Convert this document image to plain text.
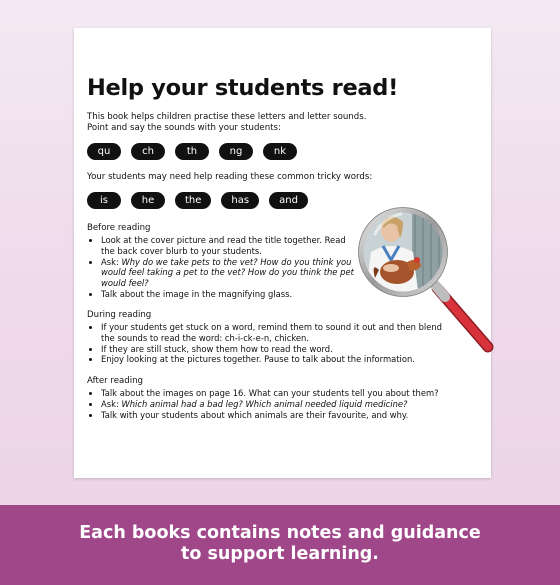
Help your students read!

This book helps children practise these letters and letter sounds.
Point and say the sounds with your students:

qu	ch	th	ng	nk

Your students may need help reading these common tricky words:

is	he	the	has	and
Before reading
• Look at the cover picture and read the title together. Read the back cover blurb to your students.
• Ask: Why do we take pets to the vet? How do you think you would feel taking a pet to the vet? How do you think the pet would feel?
• Talk about the image in the magnifying glass.
During reading
• If your students get stuck on a word, remind them to sound it out and then blend the sounds to read the word: ch-i-ck-e-n, chicken.
• If they are still stuck, show them how to read the word.
• Enjoy looking at the pictures together. Pause to talk about the information.
After reading
• Talk about the images on page 16. What can your students tell you about them?
• Ask: Which animal had a bad leg? Which animal needed liquid medicine?
• Talk with your students about which animals are their favourite, and why.

Each books contains notes and guidance
to support learning.
